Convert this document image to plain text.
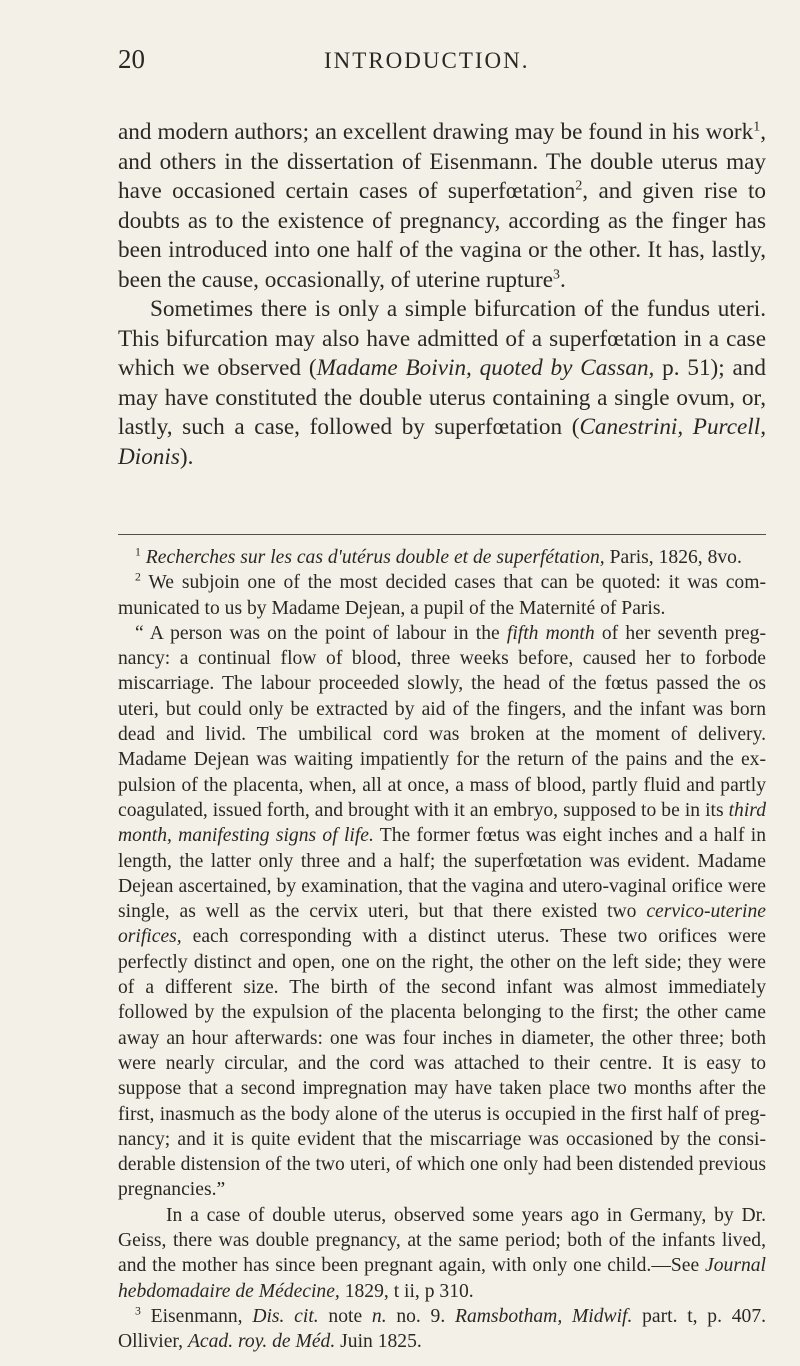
20	INTRODUCTION.

and modern authors; an excellent drawing may be found in his work$^1$, and others in the dissertation of Eisenmann. The double uterus may have occasioned certain cases of superfœtation$^2$, and given rise to doubts as to the existence of pregnancy, according as the finger has been introduced into one half of the vagina or the other. It has, lastly, been the cause, occasionally, of uterine rupture$^3$.

Sometimes there is only a simple bifurcation of the fundus uteri. This bifurcation may also have admitted of a superfœtation in a case which we observed (Madame Boivin, quoted by Cassan, p. 51); and may have constituted the double uterus containing a single ovum, or, lastly, such a case, followed by superfœtation (Canestrini, Purcell, Dionis).

$^1$ Recherches sur les cas d'utérus double et de superfétation, Paris, 1826, 8vo.

$^2$ We subjoin one of the most decided cases that can be quoted: it was communicated to us by Madame Dejean, a pupil of the Maternité of Paris.

“ A person was on the point of labour in the fifth month of her seventh pregnancy: a continual flow of blood, three weeks before, caused her to forbode miscarriage. The labour proceeded slowly, the head of the fœtus passed the os uteri, but could only be extracted by aid of the fingers, and the infant was born dead and livid. The umbilical cord was broken at the moment of delivery. Madame Dejean was waiting impatiently for the return of the pains and the expulsion of the placenta, when, all at once, a mass of blood, partly fluid and partly coagulated, issued forth, and brought with it an embryo, supposed to be in its third month, manifesting signs of life. The former fœtus was eight inches and a half in length, the latter only three and a half; the superfœtation was evident. Madame Dejean ascertained, by examination, that the vagina and utero-vaginal orifice were single, as well as the cervix uteri, but that there existed two cervico-uterine orifices, each corresponding with a distinct uterus. These two orifices were perfectly distinct and open, one on the right, the other on the left side; they were of a different size. The birth of the second infant was almost immediately followed by the expulsion of the placenta belonging to the first; the other came away an hour afterwards: one was four inches in diameter, the other three; both were nearly circular, and the cord was attached to their centre. It is easy to suppose that a second impregnation may have taken place two months after the first, inasmuch as the body alone of the uterus is occupied in the first half of pregnancy; and it is quite evident that the miscarriage was occasioned by the considerable distension of the two uteri, of which one only had been distended previous pregnancies.”

In a case of double uterus, observed some years ago in Germany, by Dr. Geiss, there was double pregnancy, at the same period; both of the infants lived, and the mother has since been pregnant again, with only one child.—See Journal hebdomadaire de Médecine, 1829, t ii, p 310.

$^3$ Eisenmann, Dis. cit. note n. no. 9. Ramsbotham, Midwif. part. t, p. 407. Ollivier, Acad. roy. de Méd. Juin 1825.
